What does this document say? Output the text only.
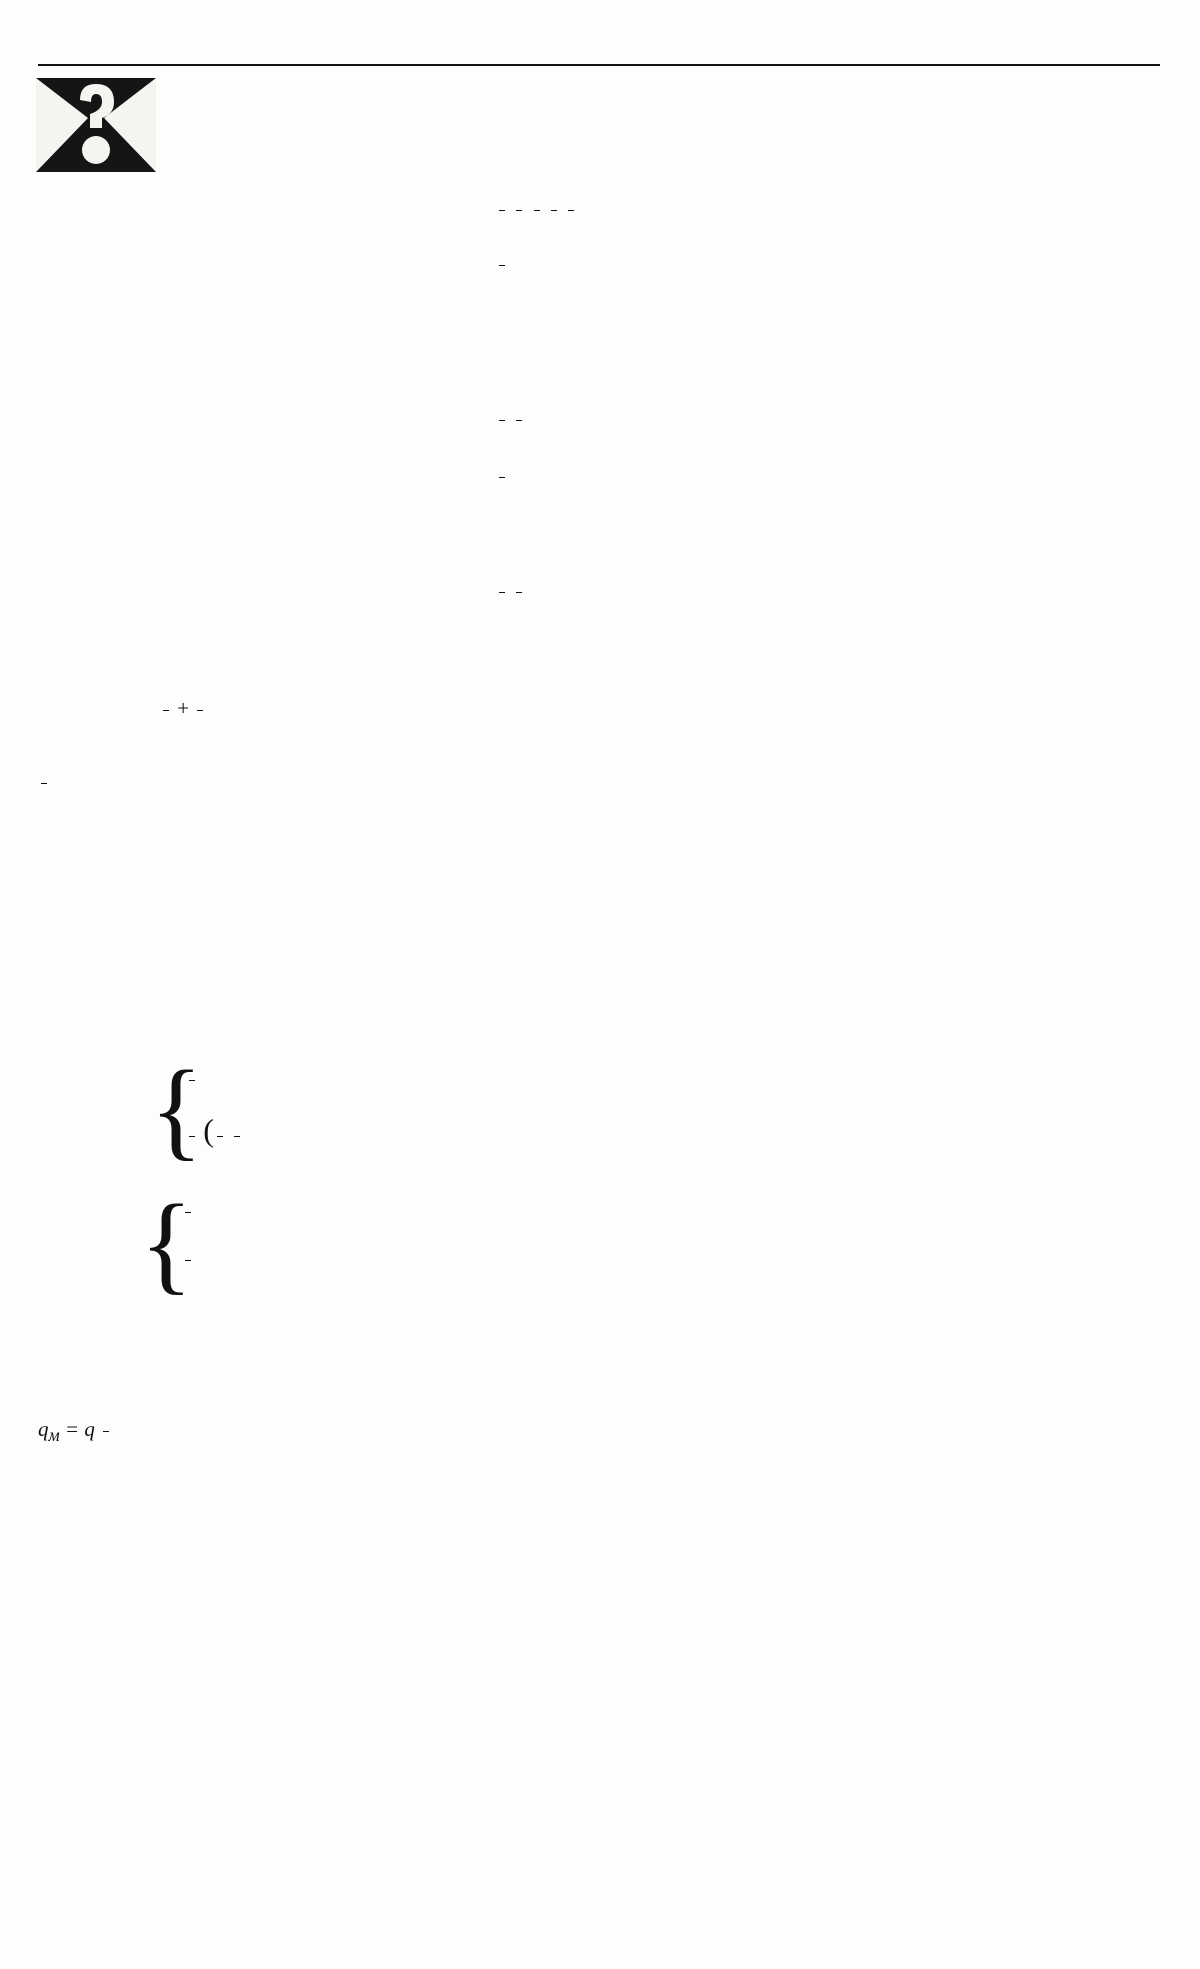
+
{ (

{
$q_м = q$
